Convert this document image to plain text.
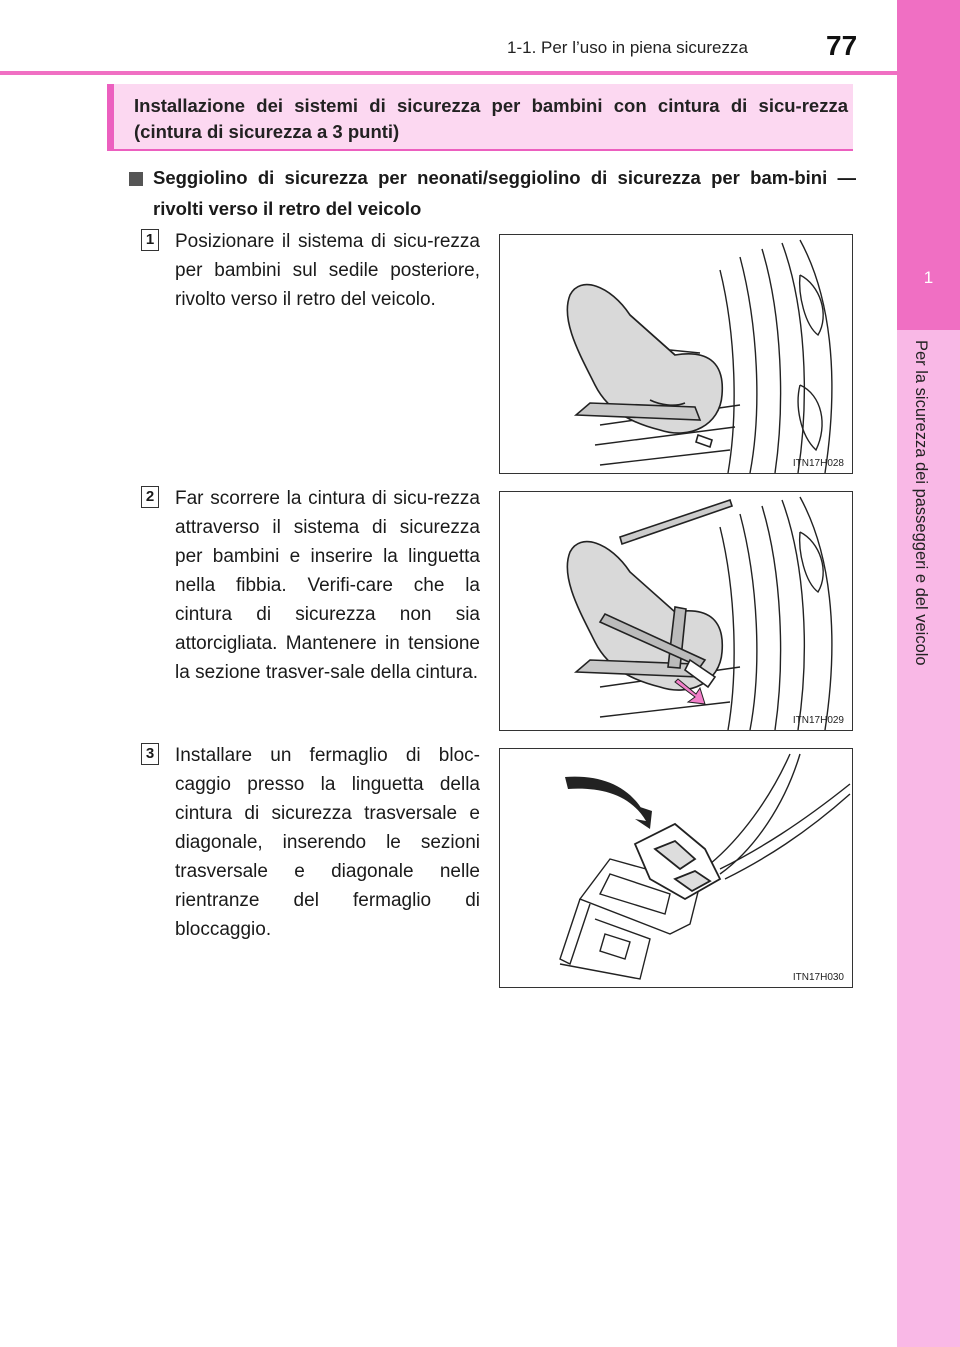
1-1. Per l’uso in piena sicurezza	77
1
Per la sicurezza dei passeggeri e del veicolo
Installazione dei sistemi di sicurezza per bambini con cintura di sicu-rezza (cintura di sicurezza a 3 punti)
Seggiolino di sicurezza per neonati/seggiolino di sicurezza per bam-bini — rivolti verso il retro del veicolo
1 Posizionare il sistema di sicu-rezza per bambini sul sedile posteriore, rivolto verso il retro del veicolo.
ITN17H028
2 Far scorrere la cintura di sicu-rezza attraverso il sistema di sicurezza per bambini e inserire la linguetta nella fibbia. Verifi-care che la cintura di sicurezza non sia attorcigliata. Mantenere in tensione la sezione trasver-sale della cintura.
ITN17H029
3 Installare un fermaglio di bloc-caggio presso la linguetta della cintura di sicurezza trasversale e diagonale, inserendo le sezioni trasversale e diagonale nelle rientranze del fermaglio di bloccaggio.
ITN17H030
